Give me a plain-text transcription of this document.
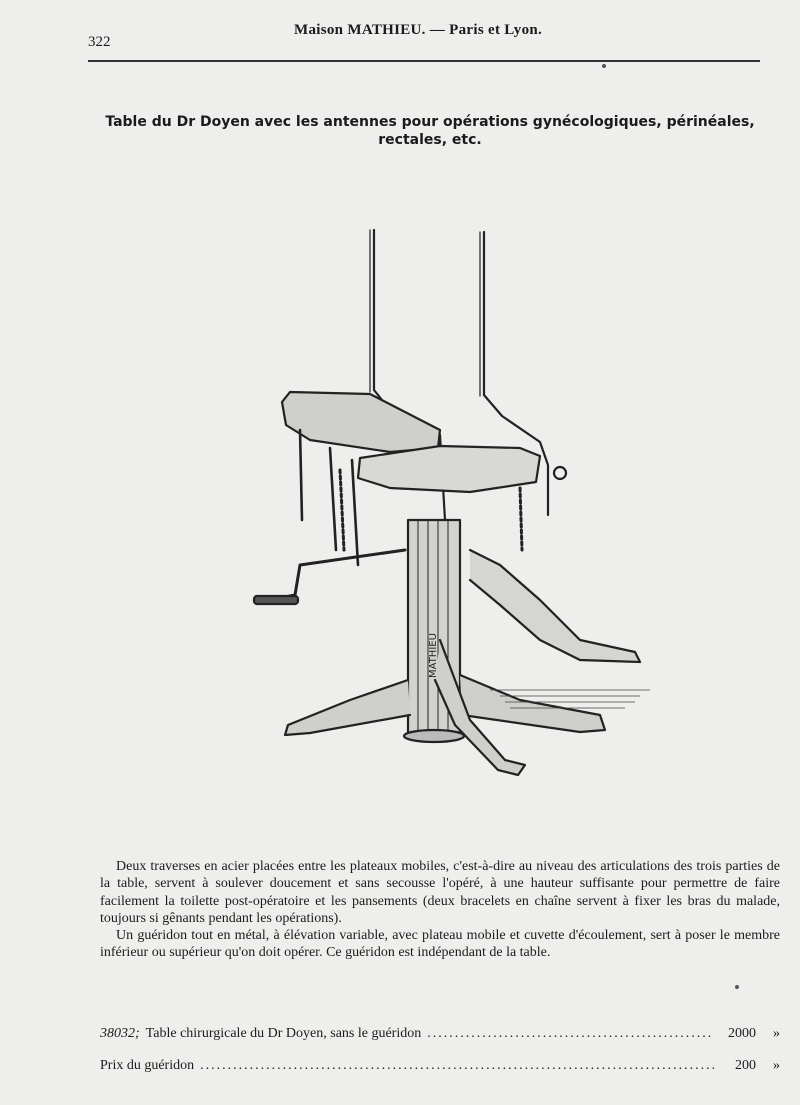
322
Maison MATHIEU. — Paris et Lyon.
Table du Dr Doyen avec les antennes pour opérations gynécologiques, périnéales,
rectales, etc.
MATHIEU

Deux traverses en acier placées entre les plateaux mobiles, c'est-à-dire au niveau des articulations des trois parties de la table, servent à soulever doucement et sans secousse l'opéré, à une hauteur suffisante pour permettre de faire facilement la toilette post-opératoire et les pansements (deux bracelets en chaîne servent à fixer les bras du malade, toujours si gênants pendant les opérations).

Un guéridon tout en métal, à élévation variable, avec plateau mobile et cuvette d'écoulement, sert à poser le membre inférieur ou supérieur qu'on doit opérer. Ce guéridon est indépendant de la table.

38032; Table chirurgicale du Dr Doyen, sans le guéridon .....	2000	»
Prix du guéridon .....	200	»
